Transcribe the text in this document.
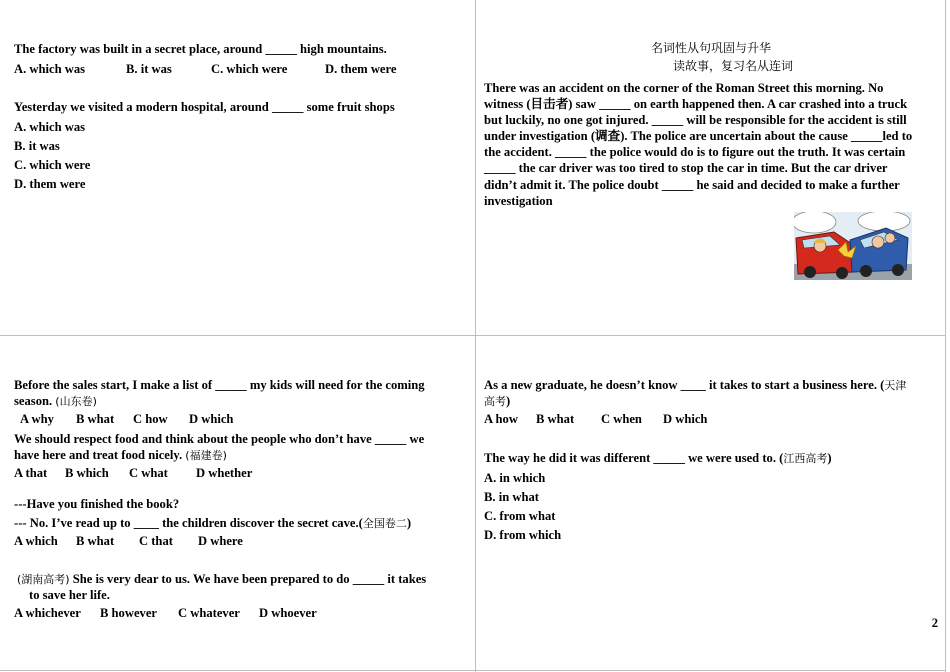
The factory was built in a secret place, around _____ high mountains.
A. which was	B. it was	C. which were	D. them were
Yesterday we visited a modern hospital, around _____ some fruit shops
A. which was
B. it was
C. which were
D. them were
名词性从句巩固与升华
读故事，复习名从连词
There was an accident on the corner of the Roman Street this morning. No
witness (目击者) saw _____ on earth happened then. A car crashed into a truck
but luckily, no one got injured. _____ will be responsible for the accident is still
under investigation (调查). The police are uncertain about the cause _____led to
the accident. _____ the police would do is to figure out the truth. It was certain
_____ the car driver was too tired to stop the car in time. But the car driver
didn’t admit it. The police doubt _____ he said and decided to make a further
investigation
Before the sales start, I make a list of _____ my kids will need for the coming
season. (山东卷)
A why	B what	C how	D which
We should respect food and think about the people who don’t have _____ we
have here and treat food nicely. (福建卷)
A that	B which	C what	D whether
---Have you finished the book?
--- No. I’ve read up to ____ the children discover the secret cave.(全国卷二)
A which	B what	C that	D where
(湖南高考) She is very dear to us. We have been prepared to do _____ it takes
to save her life.
A whichever	B however	C whatever	D whoever
As a new graduate, he doesn’t know ____ it takes to start a business here. (天津
高考)
A how	B what	C when	D which
The way he did it was different _____ we were used to. (江西高考)
A. in which
B. in what
C. from what
D. from which
2
